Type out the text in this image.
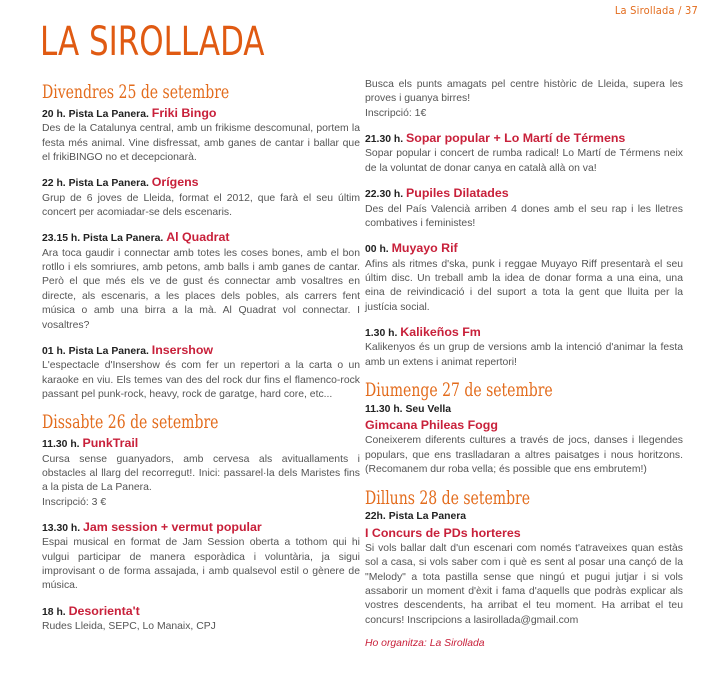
La Sirollada / 37
LA SIROLLADA
Divendres 25 de setembre
20 h. Pista La Panera. Friki Bingo
Des de la Catalunya central, amb un frikisme descomunal, portem la festa més animal. Vine disfressat, amb ganes de cantar i ballar que el frikiBINGO no et decepcionarà.
22 h. Pista La Panera. Orígens
Grup de 6 joves de Lleida, format el 2012, que farà el seu últim concert per acomiadar-se dels escenaris.
23.15 h. Pista La Panera. Al Quadrat
Ara toca gaudir i connectar amb totes les coses bones, amb el bon rotllo i els somriures, amb petons, amb balls i amb ganes de cantar. Però el que més els ve de gust és connectar amb vosaltres en directe, als escenaris, a les places dels pobles, als carrers fent música o amb una birra a la mà. Al Quadrat vol connectar. I vosaltres?
01 h. Pista La Panera. Insershow
L'espectacle d'Insershow és com fer un repertori a la carta o un karaoke en viu. Els temes van des del rock dur fins el flamenco-rock passant pel punk-rock, heavy, rock de garatge, hard core, etc...
Dissabte 26 de setembre
11.30 h. PunkTrail
Cursa sense guanyadors, amb cervesa als avituallaments i obstacles al llarg del recorregut!. Inici: passarel·la dels Maristes fins a la pista de La Panera.
Inscripció: 3 €
13.30 h. Jam session + vermut popular
Espai musical en format de Jam Session oberta a tothom qui hi vulgui participar de manera esporàdica i voluntària, ja sigui improvisant o de forma assajada, i amb qualsevol estil o gènere de música.
18 h. Desorienta't
Rudes Lleida, SEPC, Lo Manaix, CPJ
Busca els punts amagats pel centre històric de Lleida, supera les proves i guanya birres!
Inscripció: 1€
21.30 h. Sopar popular + Lo Martí de Térmens
Sopar popular i concert de rumba radical! Lo Martí de Térmens neix de la voluntat de donar canya en català allà on va!
22.30 h. Pupiles Dilatades
Des del País Valencià arriben 4 dones amb el seu rap i les lletres combatives i feministes!
00 h. Muyayo Rif
Afins als ritmes d'ska, punk i reggae Muyayo Riff presentarà el seu últim disc. Un treball amb la idea de donar forma a una eina, una eina de reivindicació i del suport a tota la gent que lluita per la justícia social.
1.30 h. Kalikeños Fm
Kalikenyos és un grup de versions amb la intenció d'animar la festa amb un extens i animat repertori!
Diumenge 27 de setembre
11.30 h. Seu Vella
Gimcana Phileas Fogg
Coneixerem diferents cultures a través de jocs, danses i llegendes populars, que ens traslladaran a altres paisatges i nous horitzons. (Recomanem dur roba vella; és possible que ens embrutem!)
Dilluns 28 de setembre
22h. Pista La Panera
I Concurs de PDs horteres
Si vols ballar dalt d'un escenari com només t'atraveixes quan estàs sol a casa, si vols saber com i què es sent al posar una cançó de la "Melody" a tota pastilla sense que ningú et pugui jutjar i si vols assaborir un moment d'èxit i fama d'aquells que podràs explicar als vostres descendents, ha arribat el teu moment. Ha arribat el teu concurs! Inscripcions a lasirollada@gmail.com
Ho organitza: La Sirollada
